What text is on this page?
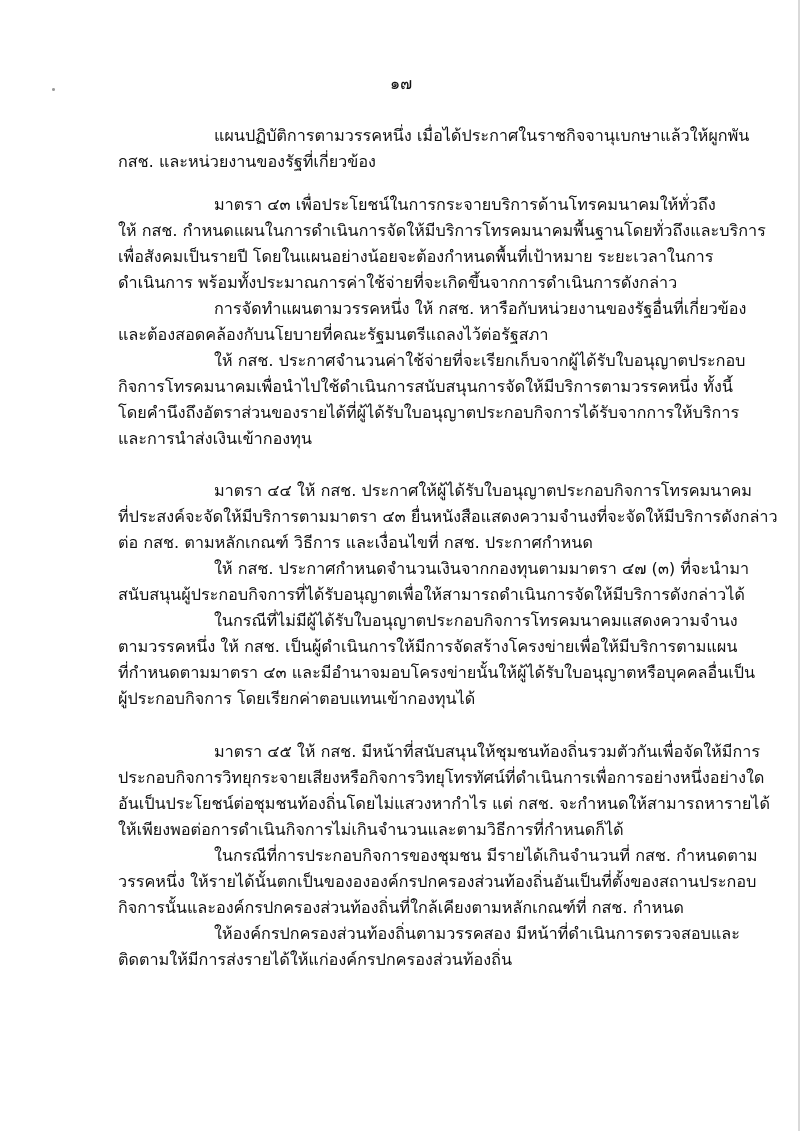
๑๗
แผนปฏิบัติการตามวรรคหนึ่ง เมื่อได้ประกาศในราชกิจจานุเบกษาแล้วให้ผูกพัน
กสช. และหน่วยงานของรัฐที่เกี่ยวข้อง
มาตรา ๔๓ เพื่อประโยชน์ในการกระจายบริการด้านโทรคมนาคมให้ทั่วถึง
ให้ กสช. กำหนดแผนในการดำเนินการจัดให้มีบริการโทรคมนาคมพื้นฐานโดยทั่วถึงและบริการ
เพื่อสังคมเป็นรายปี โดยในแผนอย่างน้อยจะต้องกำหนดพื้นที่เป้าหมาย ระยะเวลาในการ
ดำเนินการ พร้อมทั้งประมาณการค่าใช้จ่ายที่จะเกิดขึ้นจากการดำเนินการดังกล่าว
การจัดทำแผนตามวรรคหนึ่ง ให้ กสช. หารือกับหน่วยงานของรัฐอื่นที่เกี่ยวข้อง
และต้องสอดคล้องกับนโยบายที่คณะรัฐมนตรีแถลงไว้ต่อรัฐสภา
ให้ กสช. ประกาศจำนวนค่าใช้จ่ายที่จะเรียกเก็บจากผู้ได้รับใบอนุญาตประกอบ
กิจการโทรคมนาคมเพื่อนำไปใช้ดำเนินการสนับสนุนการจัดให้มีบริการตามวรรคหนึ่ง ทั้งนี้
โดยคำนึงถึงอัตราส่วนของรายได้ที่ผู้ได้รับใบอนุญาตประกอบกิจการได้รับจากการให้บริการ
และการนำส่งเงินเข้ากองทุน
มาตรา ๔๔ ให้ กสช. ประกาศให้ผู้ได้รับใบอนุญาตประกอบกิจการโทรคมนาคม
ที่ประสงค์จะจัดให้มีบริการตามมาตรา ๔๓ ยื่นหนังสือแสดงความจำนงที่จะจัดให้มีบริการดังกล่าว
ต่อ กสช. ตามหลักเกณฑ์ วิธีการ และเงื่อนไขที่ กสช. ประกาศกำหนด
ให้ กสช. ประกาศกำหนดจำนวนเงินจากกองทุนตามมาตรา ๔๗ (๓) ที่จะนำมา
สนับสนุนผู้ประกอบกิจการที่ได้รับอนุญาตเพื่อให้สามารถดำเนินการจัดให้มีบริการดังกล่าวได้
ในกรณีที่ไม่มีผู้ได้รับใบอนุญาตประกอบกิจการโทรคมนาคมแสดงความจำนง
ตามวรรคหนึ่ง ให้ กสช. เป็นผู้ดำเนินการให้มีการจัดสร้างโครงข่ายเพื่อให้มีบริการตามแผน
ที่กำหนดตามมาตรา ๔๓ และมีอำนาจมอบโครงข่ายนั้นให้ผู้ได้รับใบอนุญาตหรือบุคคลอื่นเป็น
ผู้ประกอบกิจการ โดยเรียกค่าตอบแทนเข้ากองทุนได้
มาตรา ๔๕ ให้ กสช. มีหน้าที่สนับสนุนให้ชุมชนท้องถิ่นรวมตัวกันเพื่อจัดให้มีการ
ประกอบกิจการวิทยุกระจายเสียงหรือกิจการวิทยุโทรทัศน์ที่ดำเนินการเพื่อการอย่างหนึ่งอย่างใด
อันเป็นประโยชน์ต่อชุมชนท้องถิ่นโดยไม่แสวงหากำไร แต่ กสช. จะกำหนดให้สามารถหารายได้
ให้เพียงพอต่อการดำเนินกิจการไม่เกินจำนวนและตามวิธีการที่กำหนดก็ได้
ในกรณีที่การประกอบกิจการของชุมชน มีรายได้เกินจำนวนที่ กสช. กำหนดตาม
วรรคหนึ่ง ให้รายได้นั้นตกเป็นของององค์กรปกครองส่วนท้องถิ่นอันเป็นที่ตั้งของสถานประกอบ
กิจการนั้นและองค์กรปกครองส่วนท้องถิ่นที่ใกล้เคียงตามหลักเกณฑ์ที่ กสช. กำหนด
ให้องค์กรปกครองส่วนท้องถิ่นตามวรรคสอง มีหน้าที่ดำเนินการตรวจสอบและ
ติดตามให้มีการส่งรายได้ให้แก่องค์กรปกครองส่วนท้องถิ่น
